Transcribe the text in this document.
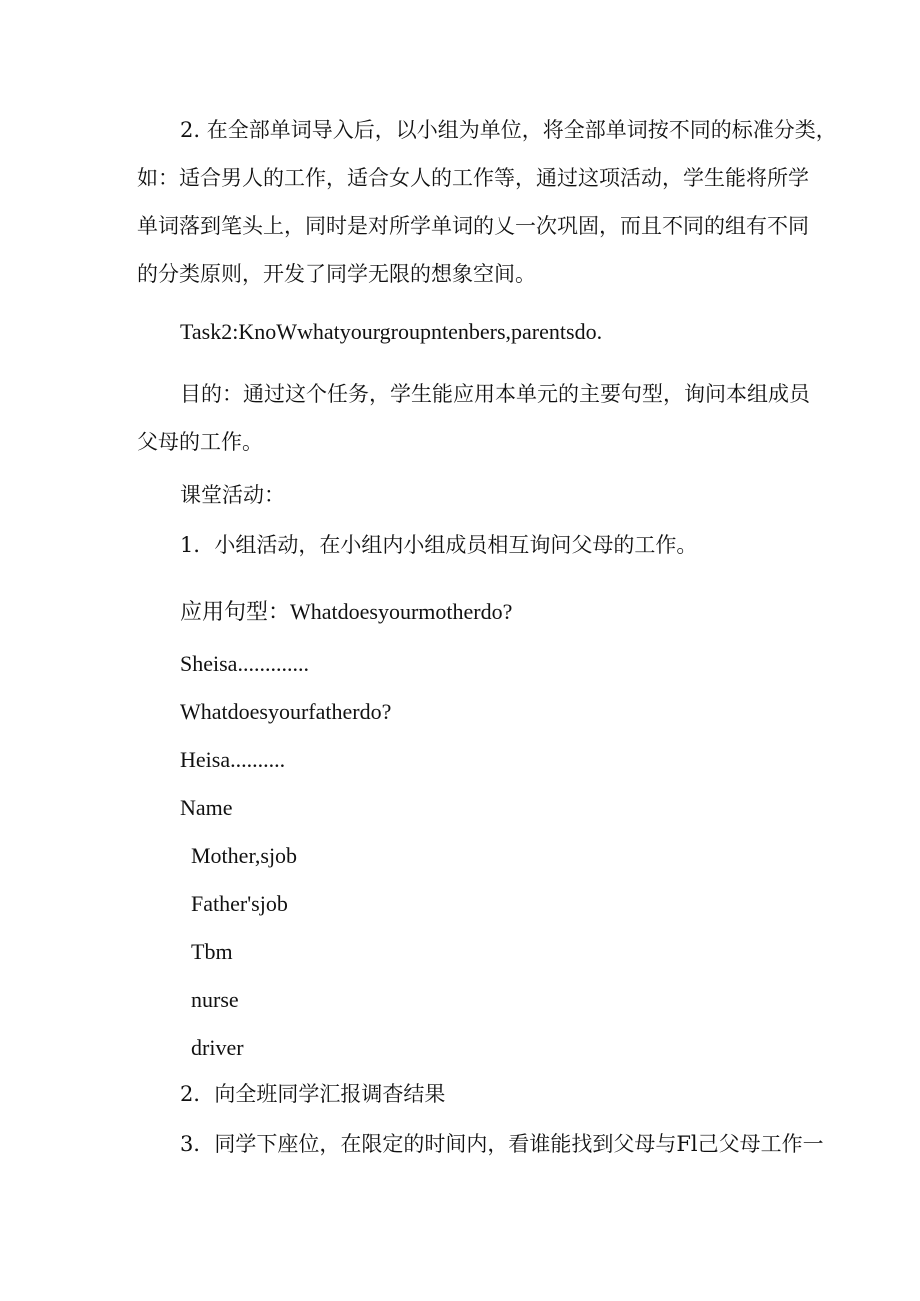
2. 在全部单词导入后，以小组为单位，将全部单词按不同的标准分类，
如：适合男人的工作，适合女人的工作等，通过这项活动，学生能将所学
单词落到笔头上，同时是对所学单词的乂一次巩固，而且不同的组有不同
的分类原则，开发了同学无限的想象空间。
Task2:KnoWwhatyourgroupntenbers,parentsdo.
目的：通过这个任务，学生能应用本单元的主要句型，询问本组成员
父母的工作。
课堂活动：
1．小组活动，在小组内小组成员相互询问父母的工作。
应用句型：Whatdoesyourmotherdo?
Sheisa.............
Whatdoesyourfatherdo?
Heisa..........
Name
Mother,sjob
Father'sjob
Tbm
nurse
driver
2．向全班同学汇报调杳结果
3．同学下座位，在限定的时间内，看谁能找到父母与Fl己父母工作一
